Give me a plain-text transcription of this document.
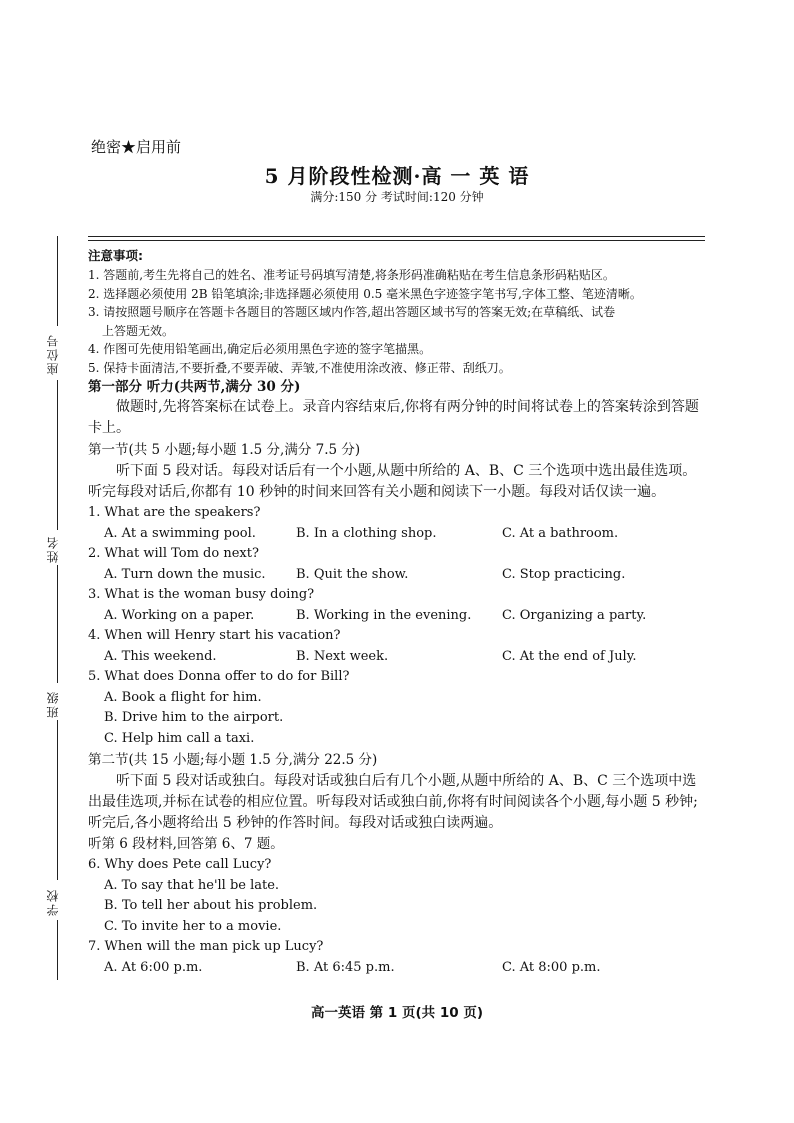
座位号
姓名
班级
学校
绝密★启用前
5 月阶段性检测·高 一 英 语
满分:150 分 考试时间:120 分钟

注意事项:

1. 答题前,考生先将自己的姓名、准考证号码填写清楚,将条形码准确粘贴在考生信息条形码粘贴区。

2. 选择题必须使用 2B 铅笔填涂;非选择题必须使用 0.5 毫米黑色字迹签字笔书写,字体工整、笔迹清晰。

3. 请按照题号顺序在答题卡各题目的答题区域内作答,超出答题区域书写的答案无效;在草稿纸、试卷

上答题无效。

4. 作图可先使用铅笔画出,确定后必须用黑色字迹的签字笔描黑。

5. 保持卡面清洁,不要折叠,不要弄破、弄皱,不准使用涂改液、修正带、刮纸刀。

第一部分 听力(共两节,满分 30 分)

做题时,先将答案标在试卷上。录音内容结束后,你将有两分钟的时间将试卷上的答案转涂到答题卡上。

第一节(共 5 小题;每小题 1.5 分,满分 7.5 分)

听下面 5 段对话。每段对话后有一个小题,从题中所给的 A、B、C 三个选项中选出最佳选项。听完每段对话后,你都有 10 秒钟的时间来回答有关小题和阅读下一小题。每段对话仅读一遍。

1. What are the speakers?

A. At a swimming pool.	B. In a clothing shop.	C. At a bathroom.

2. What will Tom do next?

A. Turn down the music.	B. Quit the show.	C. Stop practicing.

3. What is the woman busy doing?

A. Working on a paper.	B. Working in the evening.	C. Organizing a party.

4. When will Henry start his vacation?

A. This weekend.	B. Next week.	C. At the end of July.

5. What does Donna offer to do for Bill?

A. Book a flight for him.

B. Drive him to the airport.

C. Help him call a taxi.

第二节(共 15 小题;每小题 1.5 分,满分 22.5 分)

听下面 5 段对话或独白。每段对话或独白后有几个小题,从题中所给的 A、B、C 三个选项中选出最佳选项,并标在试卷的相应位置。听每段对话或独白前,你将有时间阅读各个小题,每小题 5 秒钟;听完后,各小题将给出 5 秒钟的作答时间。每段对话或独白读两遍。

听第 6 段材料,回答第 6、7 题。

6. Why does Pete call Lucy?

A. To say that he'll be late.

B. To tell her about his problem.

C. To invite her to a movie.

7. When will the man pick up Lucy?

A. At 6:00 p.m.	B. At 6:45 p.m.	C. At 8:00 p.m.
高一英语 第 1 页(共 10 页)
